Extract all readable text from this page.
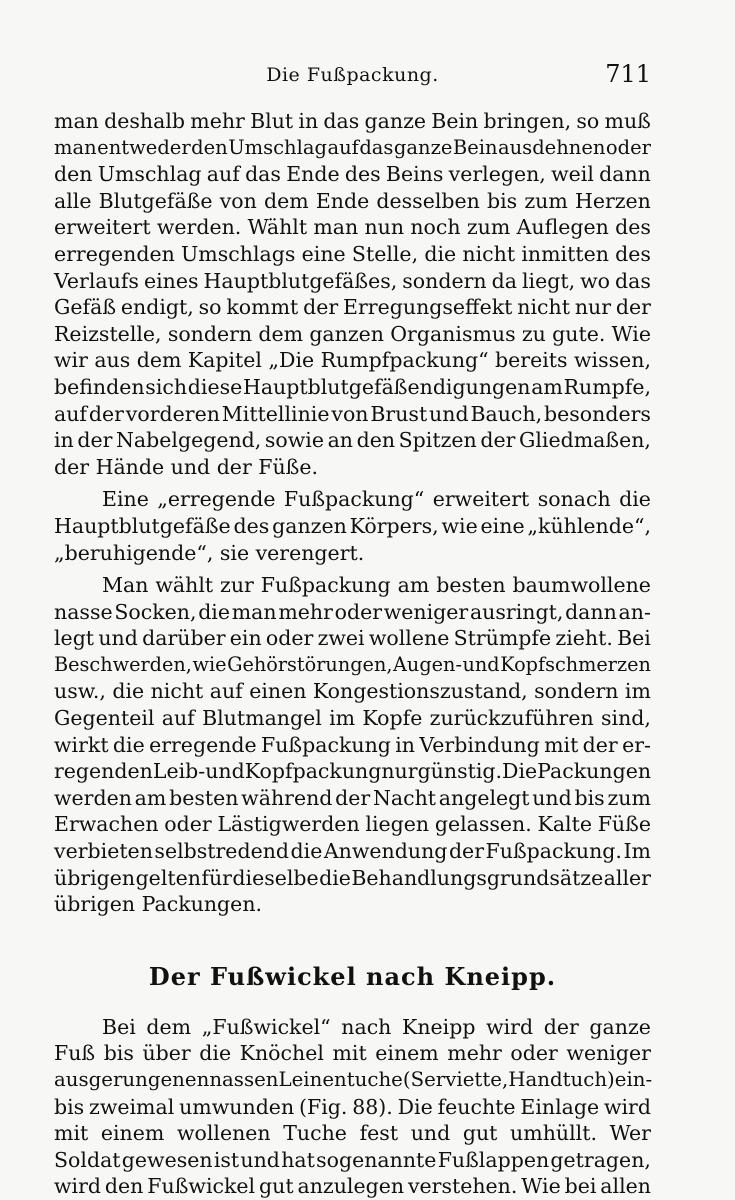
Die Fußpackung.	711
man deshalb mehr Blut in das ganze Bein bringen, so muß
man entweder den Umschlag auf das ganze Bein ausdehnen oder
den Umschlag auf das Ende des Beins verlegen, weil dann
alle Blutgefäße von dem Ende desselben bis zum Herzen
erweitert werden. Wählt man nun noch zum Auflegen des
erregenden Umschlags eine Stelle, die nicht inmitten des
Verlaufs eines Hauptblutgefäßes, sondern da liegt, wo das
Gefäß endigt, so kommt der Erregungseffekt nicht nur der
Reizstelle, sondern dem ganzen Organismus zu gute. Wie
wir aus dem Kapitel „Die Rumpfpackung“ bereits wissen,
befinden sich diese Hauptblutgefäßendigungen am Rumpfe,
auf der vorderen Mittellinie von Brust und Bauch, besonders
in der Nabelgegend, sowie an den Spitzen der Gliedmaßen,
der Hände und der Füße.
Eine „erregende Fußpackung“ erweitert sonach die
Hauptblutgefäße des ganzen Körpers, wie eine „kühlende“,
„beruhigende“, sie verengert.
Man wählt zur Fußpackung am besten baumwollene
nasse Socken, die man mehr oder weniger ausringt, dann an-
legt und darüber ein oder zwei wollene Strümpfe zieht. Bei
Beschwerden, wie Gehörstörungen, Augen- und Kopfschmerzen
usw., die nicht auf einen Kongestionszustand, sondern im
Gegenteil auf Blutmangel im Kopfe zurückzuführen sind,
wirkt die erregende Fußpackung in Verbindung mit der er-
regenden Leib- und Kopfpackung nur günstig. Die Packungen
werden am besten während der Nacht angelegt und bis zum
Erwachen oder Lästigwerden liegen gelassen. Kalte Füße
verbieten selbstredend die Anwendung der Fußpackung. Im
übrigen gelten für dieselbe die Behandlungsgrundsätze aller
übrigen Packungen.
Der Fußwickel nach Kneipp.
Bei dem „Fußwickel“ nach Kneipp wird der ganze
Fuß bis über die Knöchel mit einem mehr oder weniger
ausgerungenen nassen Leinentuche (Serviette, Handtuch) ein-
bis zweimal umwunden (Fig. 88). Die feuchte Einlage wird
mit einem wollenen Tuche fest und gut umhüllt. Wer
Soldat gewesen ist und hat sogenannte Fußlappen getragen,
wird den Fußwickel gut anzulegen verstehen. Wie bei allen
